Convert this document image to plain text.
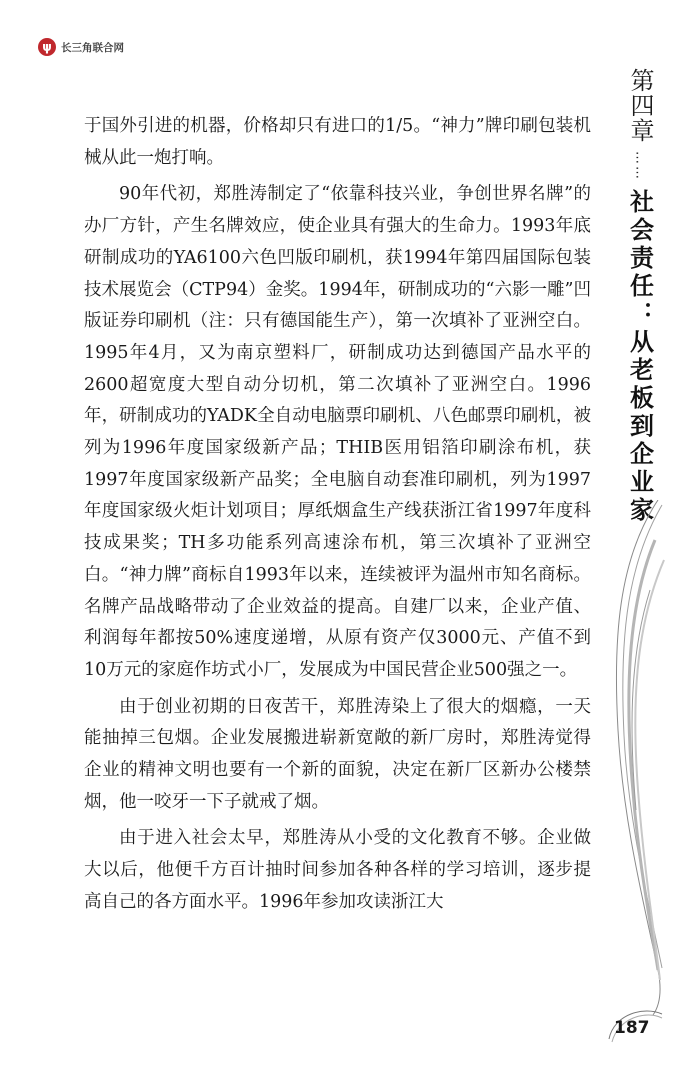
ψ 长三角联合网

于国外引进的机器，价格却只有进口的1/5。“神力”牌印刷包装机械从此一炮打响。

90年代初，郑胜涛制定了“依靠科技兴业，争创世界名牌”的办厂方针，产生名牌效应，使企业具有强大的生命力。1993年底研制成功的YA6100六色凹版印刷机，获1994年第四届国际包装技术展览会（CTP94）金奖。1994年，研制成功的“六影一雕”凹版证券印刷机（注：只有德国能生产），第一次填补了亚洲空白。1995年4月，又为南京塑料厂，研制成功达到德国产品水平的2600超宽度大型自动分切机，第二次填补了亚洲空白。1996年，研制成功的YADK全自动电脑票印刷机、八色邮票印刷机，被列为1996年度国家级新产品；THIB医用铝箔印刷涂布机，获1997年度国家级新产品奖；全电脑自动套准印刷机，列为1997年度国家级火炬计划项目；厚纸烟盒生产线获浙江省1997年度科技成果奖；TH多功能系列高速涂布机，第三次填补了亚洲空白。“神力牌”商标自1993年以来，连续被评为温州市知名商标。名牌产品战略带动了企业效益的提高。自建厂以来，企业产值、利润每年都按50%速度递增，从原有资产仅3000元、产值不到10万元的家庭作坊式小厂，发展成为中国民营企业500强之一。

由于创业初期的日夜苦干，郑胜涛染上了很大的烟瘾，一天能抽掉三包烟。企业发展搬进崭新宽敞的新厂房时，郑胜涛觉得企业的精神文明也要有一个新的面貌，决定在新厂区新办公楼禁烟，他一咬牙一下子就戒了烟。

由于进入社会太早，郑胜涛从小受的文化教育不够。企业做大以后，他便千方百计抽时间参加各种各样的学习培训，逐步提高自己的各方面水平。1996年参加攻读浙江大

第四章
……
社会责任：从老板到企业家
187
